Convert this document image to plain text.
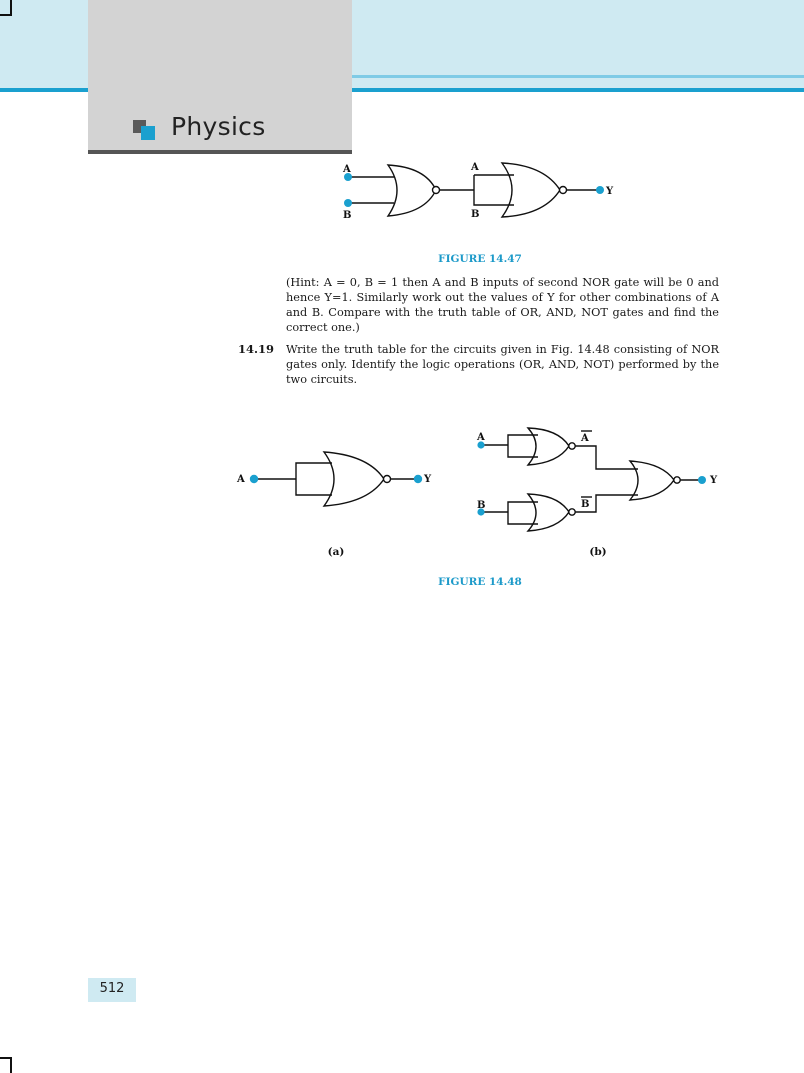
Physics
A
B
A
B
Y
FIGURE 14.47
(Hint: A = 0, B = 1 then A and B inputs of second NOR gate will be 0 and hence Y=1. Similarly work out the values of Y for other combinations of A and B. Compare with the truth table of OR, AND, NOT gates and find the correct one.)
14.19 Write the truth table for the circuits given in Fig. 14.48 consisting of NOR gates only. Identify the logic operations (OR, AND, NOT) performed by the two circuits.
A	Y
(a)
A
B
A
B
Y
(b)
FIGURE 14.48
512
